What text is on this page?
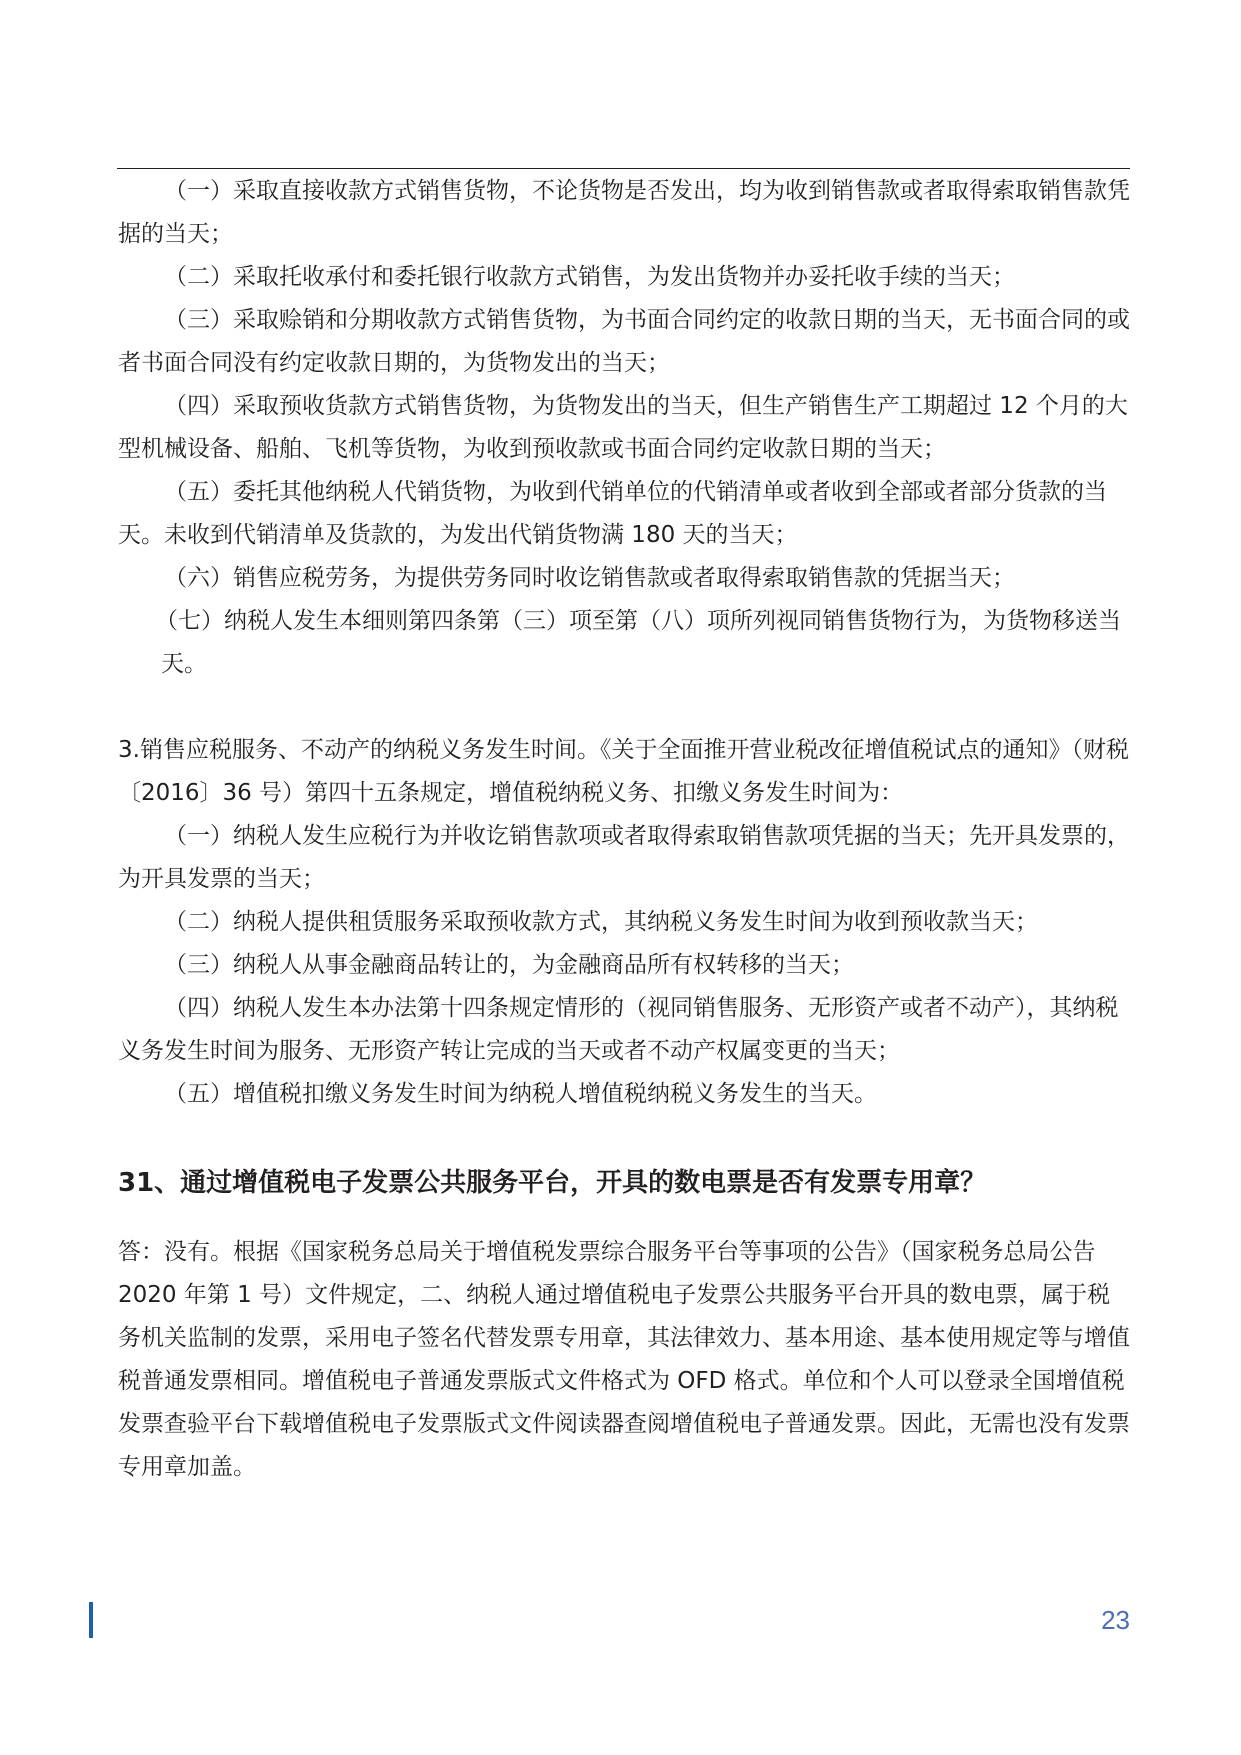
（一）采取直接收款方式销售货物，不论货物是否发出，均为收到销售款或者取得索取销售款凭据的当天；

（二）采取托收承付和委托银行收款方式销售，为发出货物并办妥托收手续的当天；

（三）采取赊销和分期收款方式销售货物，为书面合同约定的收款日期的当天，无书面合同的或者书面合同没有约定收款日期的，为货物发出的当天；

（四）采取预收货款方式销售货物，为货物发出的当天，但生产销售生产工期超过 12 个月的大型机械设备、船舶、飞机等货物，为收到预收款或书面合同约定收款日期的当天；

（五）委托其他纳税人代销货物，为收到代销单位的代销清单或者收到全部或者部分货款的当天。未收到代销清单及货款的，为发出代销货物满 180 天的当天；

（六）销售应税劳务，为提供劳务同时收讫销售款或者取得索取销售款的凭据当天；

（七）纳税人发生本细则第四条第（三）项至第（八）项所列视同销售货物行为，为货物移送当天。

3.销售应税服务、不动产的纳税义务发生时间。《关于全面推开营业税改征增值税试点的通知》（财税〔2016〕36 号）第四十五条规定，增值税纳税义务、扣缴义务发生时间为：

（一）纳税人发生应税行为并收讫销售款项或者取得索取销售款项凭据的当天；先开具发票的，为开具发票的当天；

（二）纳税人提供租赁服务采取预收款方式，其纳税义务发生时间为收到预收款当天；

（三）纳税人从事金融商品转让的，为金融商品所有权转移的当天；

（四）纳税人发生本办法第十四条规定情形的（视同销售服务、无形资产或者不动产），其纳税义务发生时间为服务、无形资产转让完成的当天或者不动产权属变更的当天；

（五）增值税扣缴义务发生时间为纳税人增值税纳税义务发生的当天。

31、通过增值税电子发票公共服务平台，开具的数电票是否有发票专用章？

答：没有。根据《国家税务总局关于增值税发票综合服务平台等事项的公告》（国家税务总局公告 2020 年第 1 号）文件规定，二、纳税人通过增值税电子发票公共服务平台开具的数电票，属于税务机关监制的发票，采用电子签名代替发票专用章，其法律效力、基本用途、基本使用规定等与增值税普通发票相同。增值税电子普通发票版式文件格式为 OFD 格式。单位和个人可以登录全国增值税发票查验平台下载增值税电子发票版式文件阅读器查阅增值税电子普通发票。因此，无需也没有发票专用章加盖。

23
